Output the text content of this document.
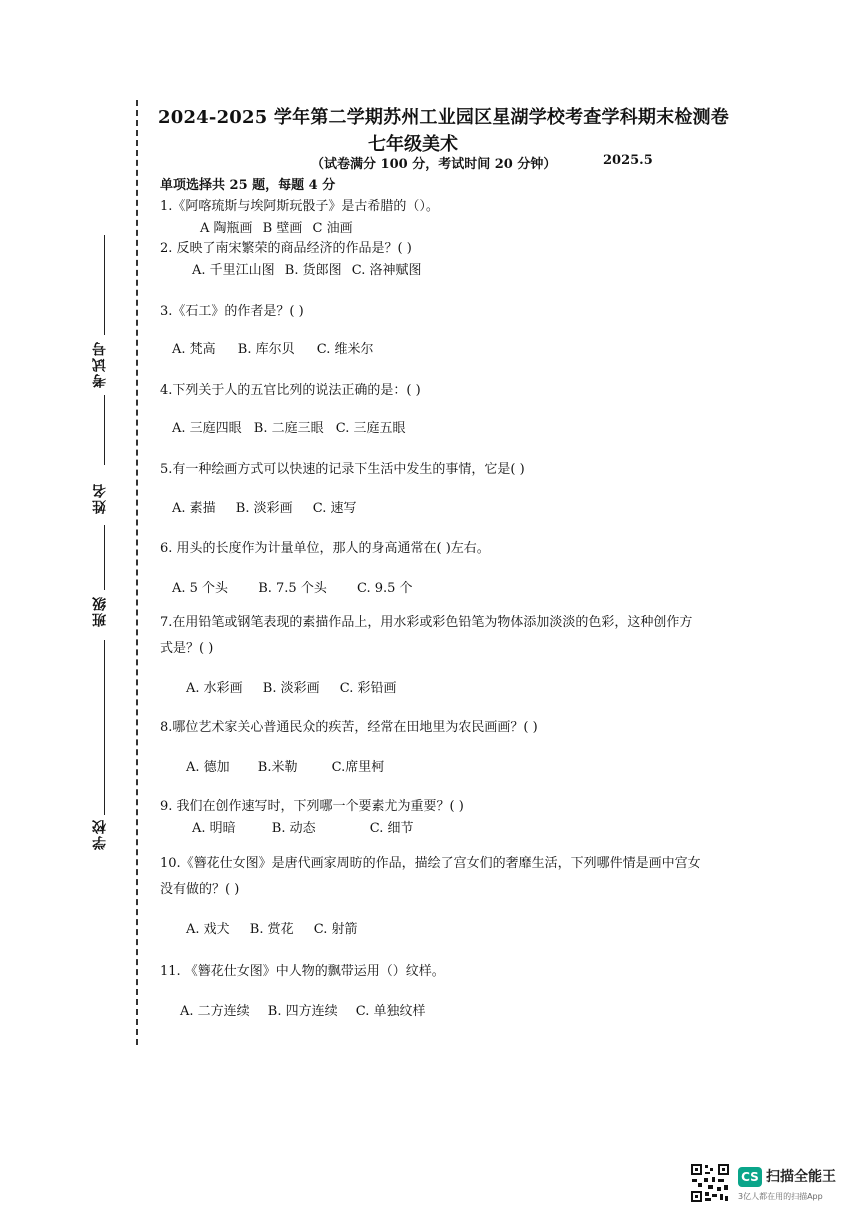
考试号
姓名
班级
学校
2024-2025 学年第二学期苏州工业园区星湖学校考查学科期末检测卷
七年级美术
（试卷满分 100 分，考试时间 20 分钟）	2025.5
单项选择共 25 题，每题 4 分
1.《阿喀琉斯与埃阿斯玩骰子》是古希腊的（）。
A 陶瓶画 B 壁画 C 油画
2. 反映了南宋繁荣的商品经济的作品是？( )
A. 千里江山图 B. 货郎图 C. 洛神赋图
3.《石工》的作者是？( )
A. 梵高 B. 库尔贝 C. 维米尔
4.下列关于人的五官比列的说法正确的是：( )
A. 三庭四眼 B. 二庭三眼 C. 三庭五眼
5.有一种绘画方式可以快速的记录下生活中发生的事情，它是( )
A. 素描 B. 淡彩画 C. 速写
6. 用头的长度作为计量单位，那人的身高通常在( )左右。
A. 5 个头 B. 7.5 个头 C. 9.5 个
7.在用铅笔或钢笔表现的素描作品上，用水彩或彩色铅笔为物体添加淡淡的色彩，这种创作方式是？( )
A. 水彩画 B. 淡彩画 C. 彩铅画
8.哪位艺术家关心普通民众的疾苦，经常在田地里为农民画画？( )
A. 德加 B.米勒	C.席里柯
9. 我们在创作速写时，下列哪一个要素尤为重要？( )
A. 明暗	B. 动态	C. 细节
10.《簪花仕女图》是唐代画家周昉的作品，描绘了宫女们的奢靡生活，下列哪件情是画中宫女没有做的？( )
A. 戏犬 B. 赏花 C. 射箭
11. 《簪花仕女图》中人物的飘带运用（）纹样。
A. 二方连续 B. 四方连续 C. 单独纹样
CS 扫描全能王
3亿人都在用的扫描App
